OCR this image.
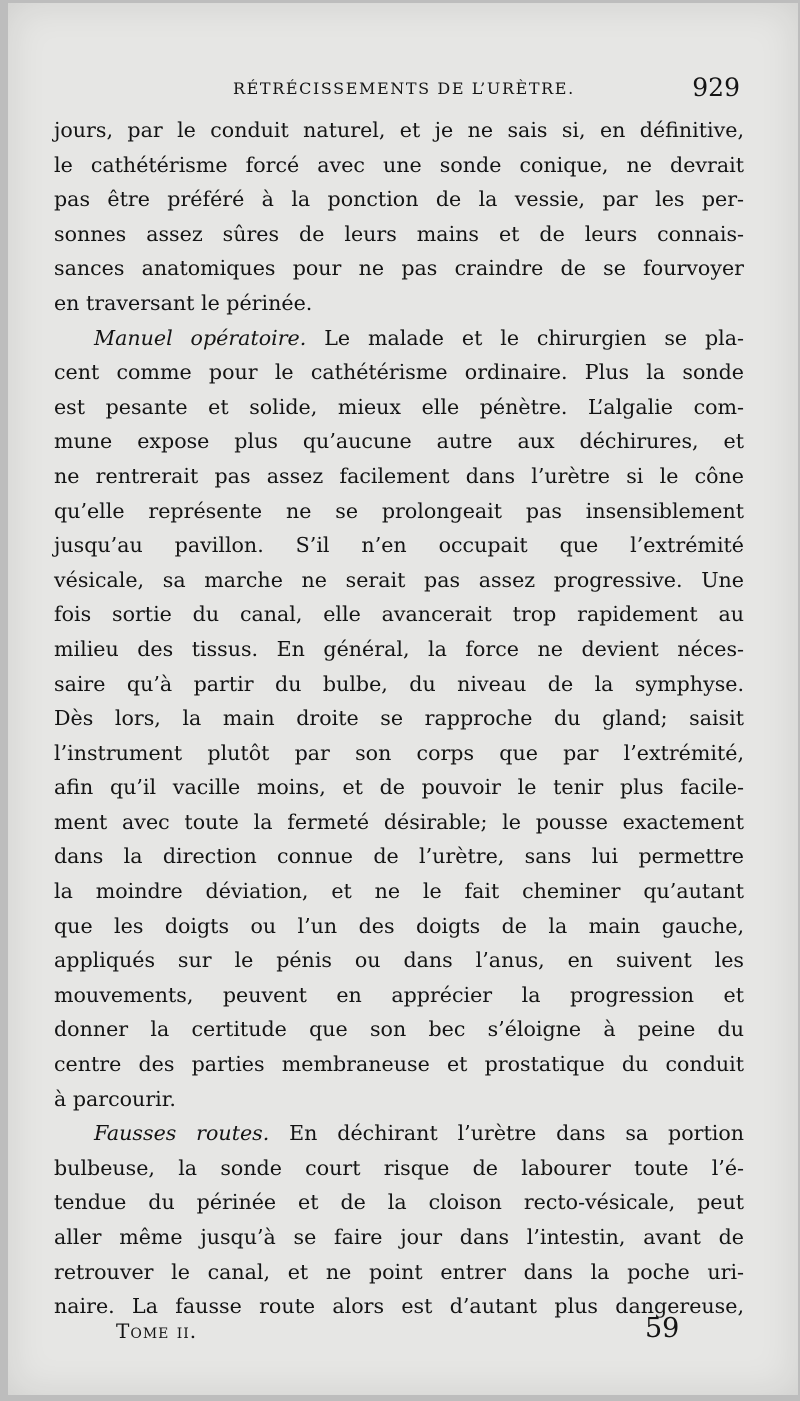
RÉTRÉCISSEMENTS DE L’URÈTRE.	929
jours, par le conduit naturel, et je ne sais si, en définitive,
le cathétérisme forcé avec une sonde conique, ne devrait
pas être préféré à la ponction de la vessie, par les per-
sonnes assez sûres de leurs mains et de leurs connais-
sances anatomiques pour ne pas craindre de se fourvoyer
en traversant le périnée.
Manuel opératoire. Le malade et le chirurgien se pla-
cent comme pour le cathétérisme ordinaire. Plus la sonde
est pesante et solide, mieux elle pénètre. L’algalie com-
mune expose plus qu’aucune autre aux déchirures, et
ne rentrerait pas assez facilement dans l’urètre si le cône
qu’elle représente ne se prolongeait pas insensiblement
jusqu’au pavillon. S’il n’en occupait que l’extrémité
vésicale, sa marche ne serait pas assez progressive. Une
fois sortie du canal, elle avancerait trop rapidement au
milieu des tissus. En général, la force ne devient néces-
saire qu’à partir du bulbe, du niveau de la symphyse.
Dès lors, la main droite se rapproche du gland; saisit
l’instrument plutôt par son corps que par l’extrémité,
afin qu’il vacille moins, et de pouvoir le tenir plus facile-
ment avec toute la fermeté désirable; le pousse exactement
dans la direction connue de l’urètre, sans lui permettre
la moindre déviation, et ne le fait cheminer qu’autant
que les doigts ou l’un des doigts de la main gauche,
appliqués sur le pénis ou dans l’anus, en suivent les
mouvements, peuvent en apprécier la progression et
donner la certitude que son bec s’éloigne à peine du
centre des parties membraneuse et prostatique du conduit
à parcourir.
Fausses routes. En déchirant l’urètre dans sa portion
bulbeuse, la sonde court risque de labourer toute l’é-
tendue du périnée et de la cloison recto-vésicale, peut
aller même jusqu’à se faire jour dans l’intestin, avant de
retrouver le canal, et ne point entrer dans la poche uri-
naire. La fausse route alors est d’autant plus dangereuse,
Tome ii.	59
